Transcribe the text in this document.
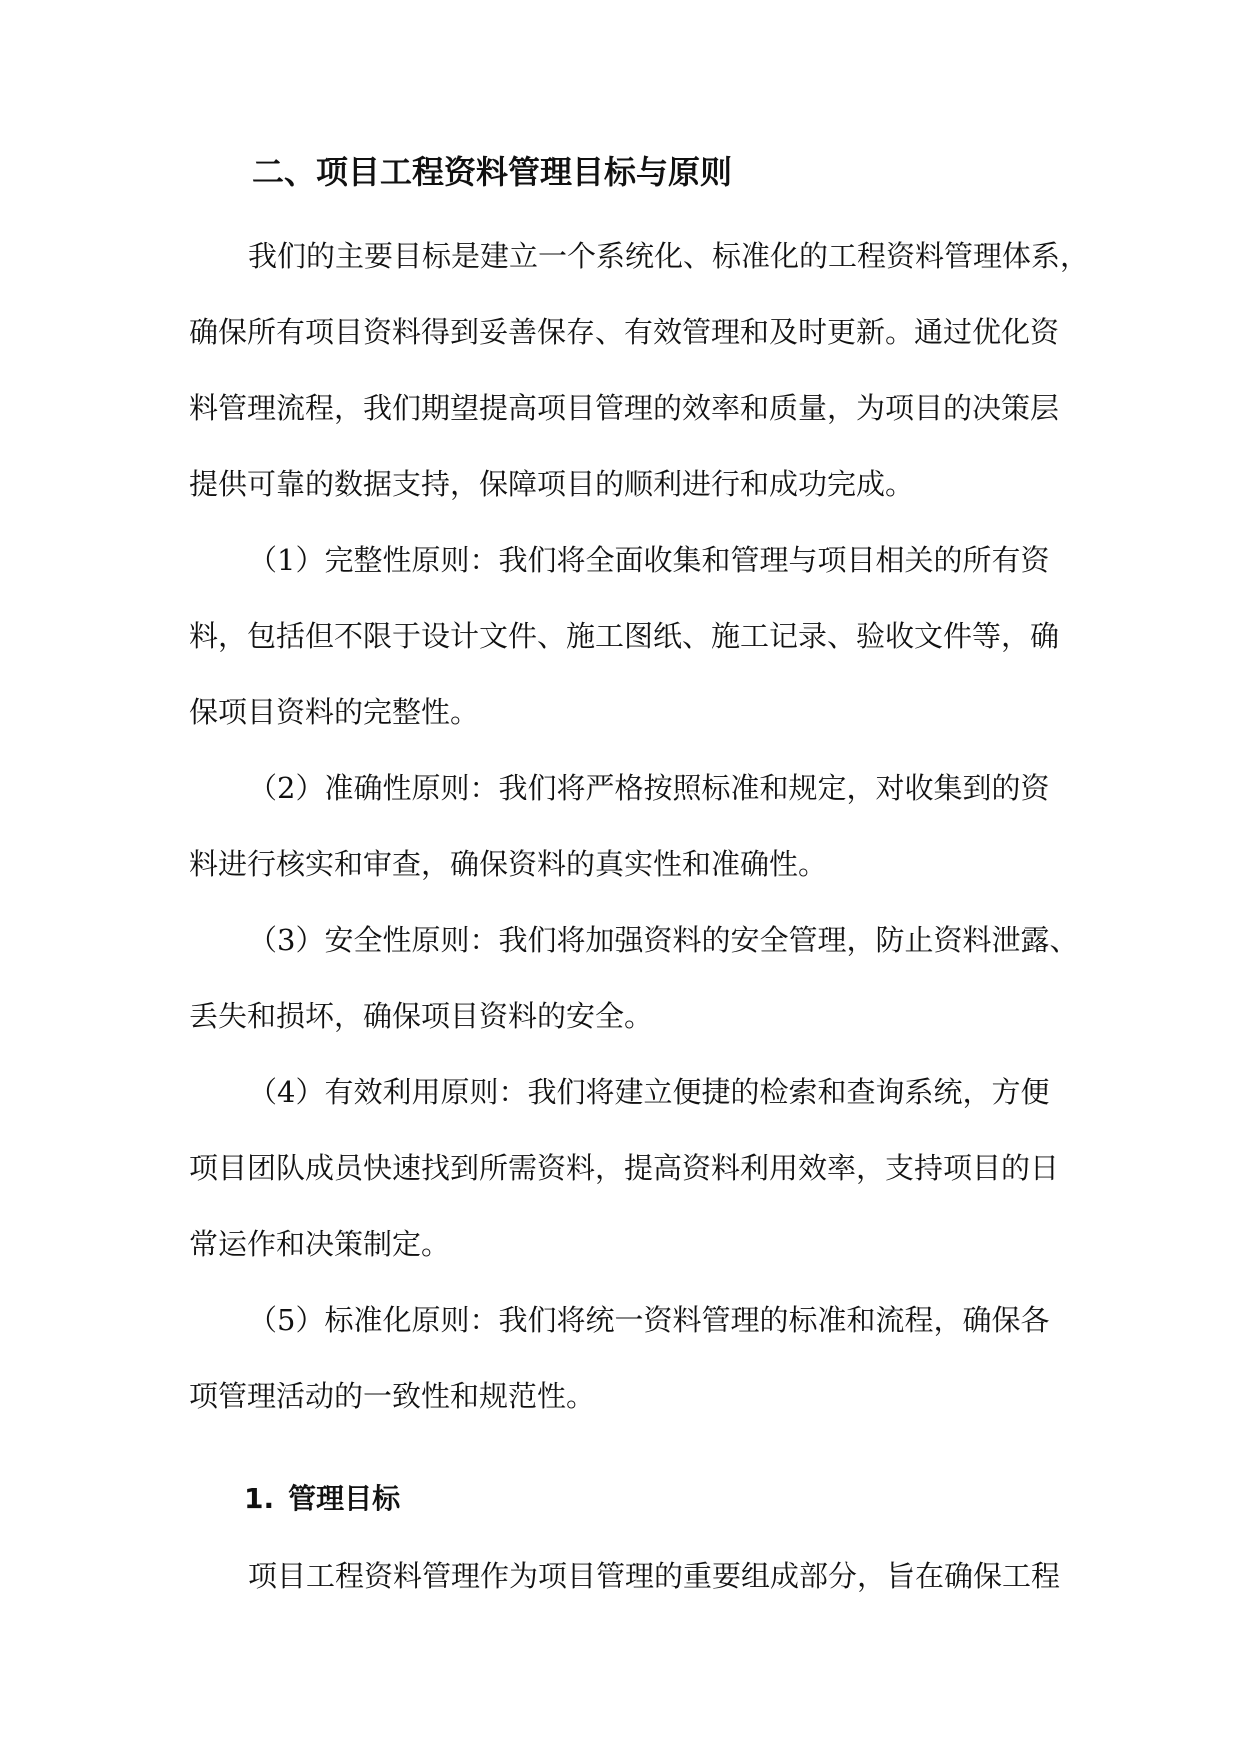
二、项目工程资料管理目标与原则

我们的主要目标是建立一个系统化、标准化的工程资料管理体系，

确保所有项目资料得到妥善保存、有效管理和及时更新。通过优化资

料管理流程，我们期望提高项目管理的效率和质量，为项目的决策层

提供可靠的数据支持，保障项目的顺利进行和成功完成。

（1）完整性原则：我们将全面收集和管理与项目相关的所有资

料，包括但不限于设计文件、施工图纸、施工记录、验收文件等，确

保项目资料的完整性。

（2）准确性原则：我们将严格按照标准和规定，对收集到的资

料进行核实和审查，确保资料的真实性和准确性。

（3）安全性原则：我们将加强资料的安全管理，防止资料泄露、

丢失和损坏，确保项目资料的安全。

（4）有效利用原则：我们将建立便捷的检索和查询系统，方便

项目团队成员快速找到所需资料，提高资料利用效率，支持项目的日

常运作和决策制定。

（5）标准化原则：我们将统一资料管理的标准和流程，确保各

项管理活动的一致性和规范性。

1. 管理目标

项目工程资料管理作为项目管理的重要组成部分，旨在确保工程
